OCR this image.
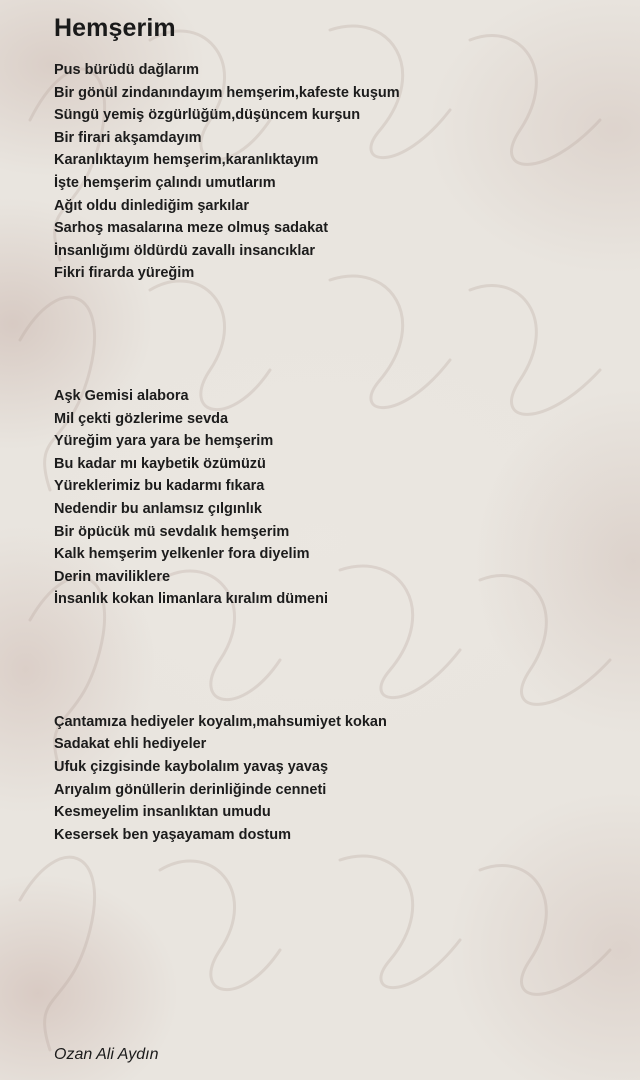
Hemşerim
Pus bürüdü dağlarım
Bir gönül zindanındayım hemşerim,kafeste kuşum
Süngü yemiş özgürlüğüm,düşüncem kurşun
Bir firari akşamdayım
Karanlıktayım hemşerim,karanlıktayım
İşte hemşerim çalındı umutlarım
Ağıt oldu dinlediğim şarkılar
Sarhoş masalarına meze olmuş sadakat
İnsanlığımı öldürdü zavallı insancıklar
Fikri firarda yüreğim
Aşk Gemisi alabora
Mil çekti gözlerime sevda
Yüreğim yara yara be hemşerim
Bu kadar mı kaybetik özümüzü
Yüreklerimiz bu kadarmı fıkara
Nedendir bu anlamsız çılgınlık
Bir öpücük mü sevdalık hemşerim
Kalk hemşerim yelkenler fora diyelim
Derin maviliklere
İnsanlık kokan limanlara kıralım dümeni
Çantamıza hediyeler koyalım,mahsumiyet kokan
Sadakat ehli hediyeler
Ufuk çizgisinde kaybolalım yavaş yavaş
Arıyalım gönüllerin derinliğinde cenneti
Kesmeyelim insanlıktan umudu
Kesersek ben yaşayamam dostum
Ozan Ali Aydın
